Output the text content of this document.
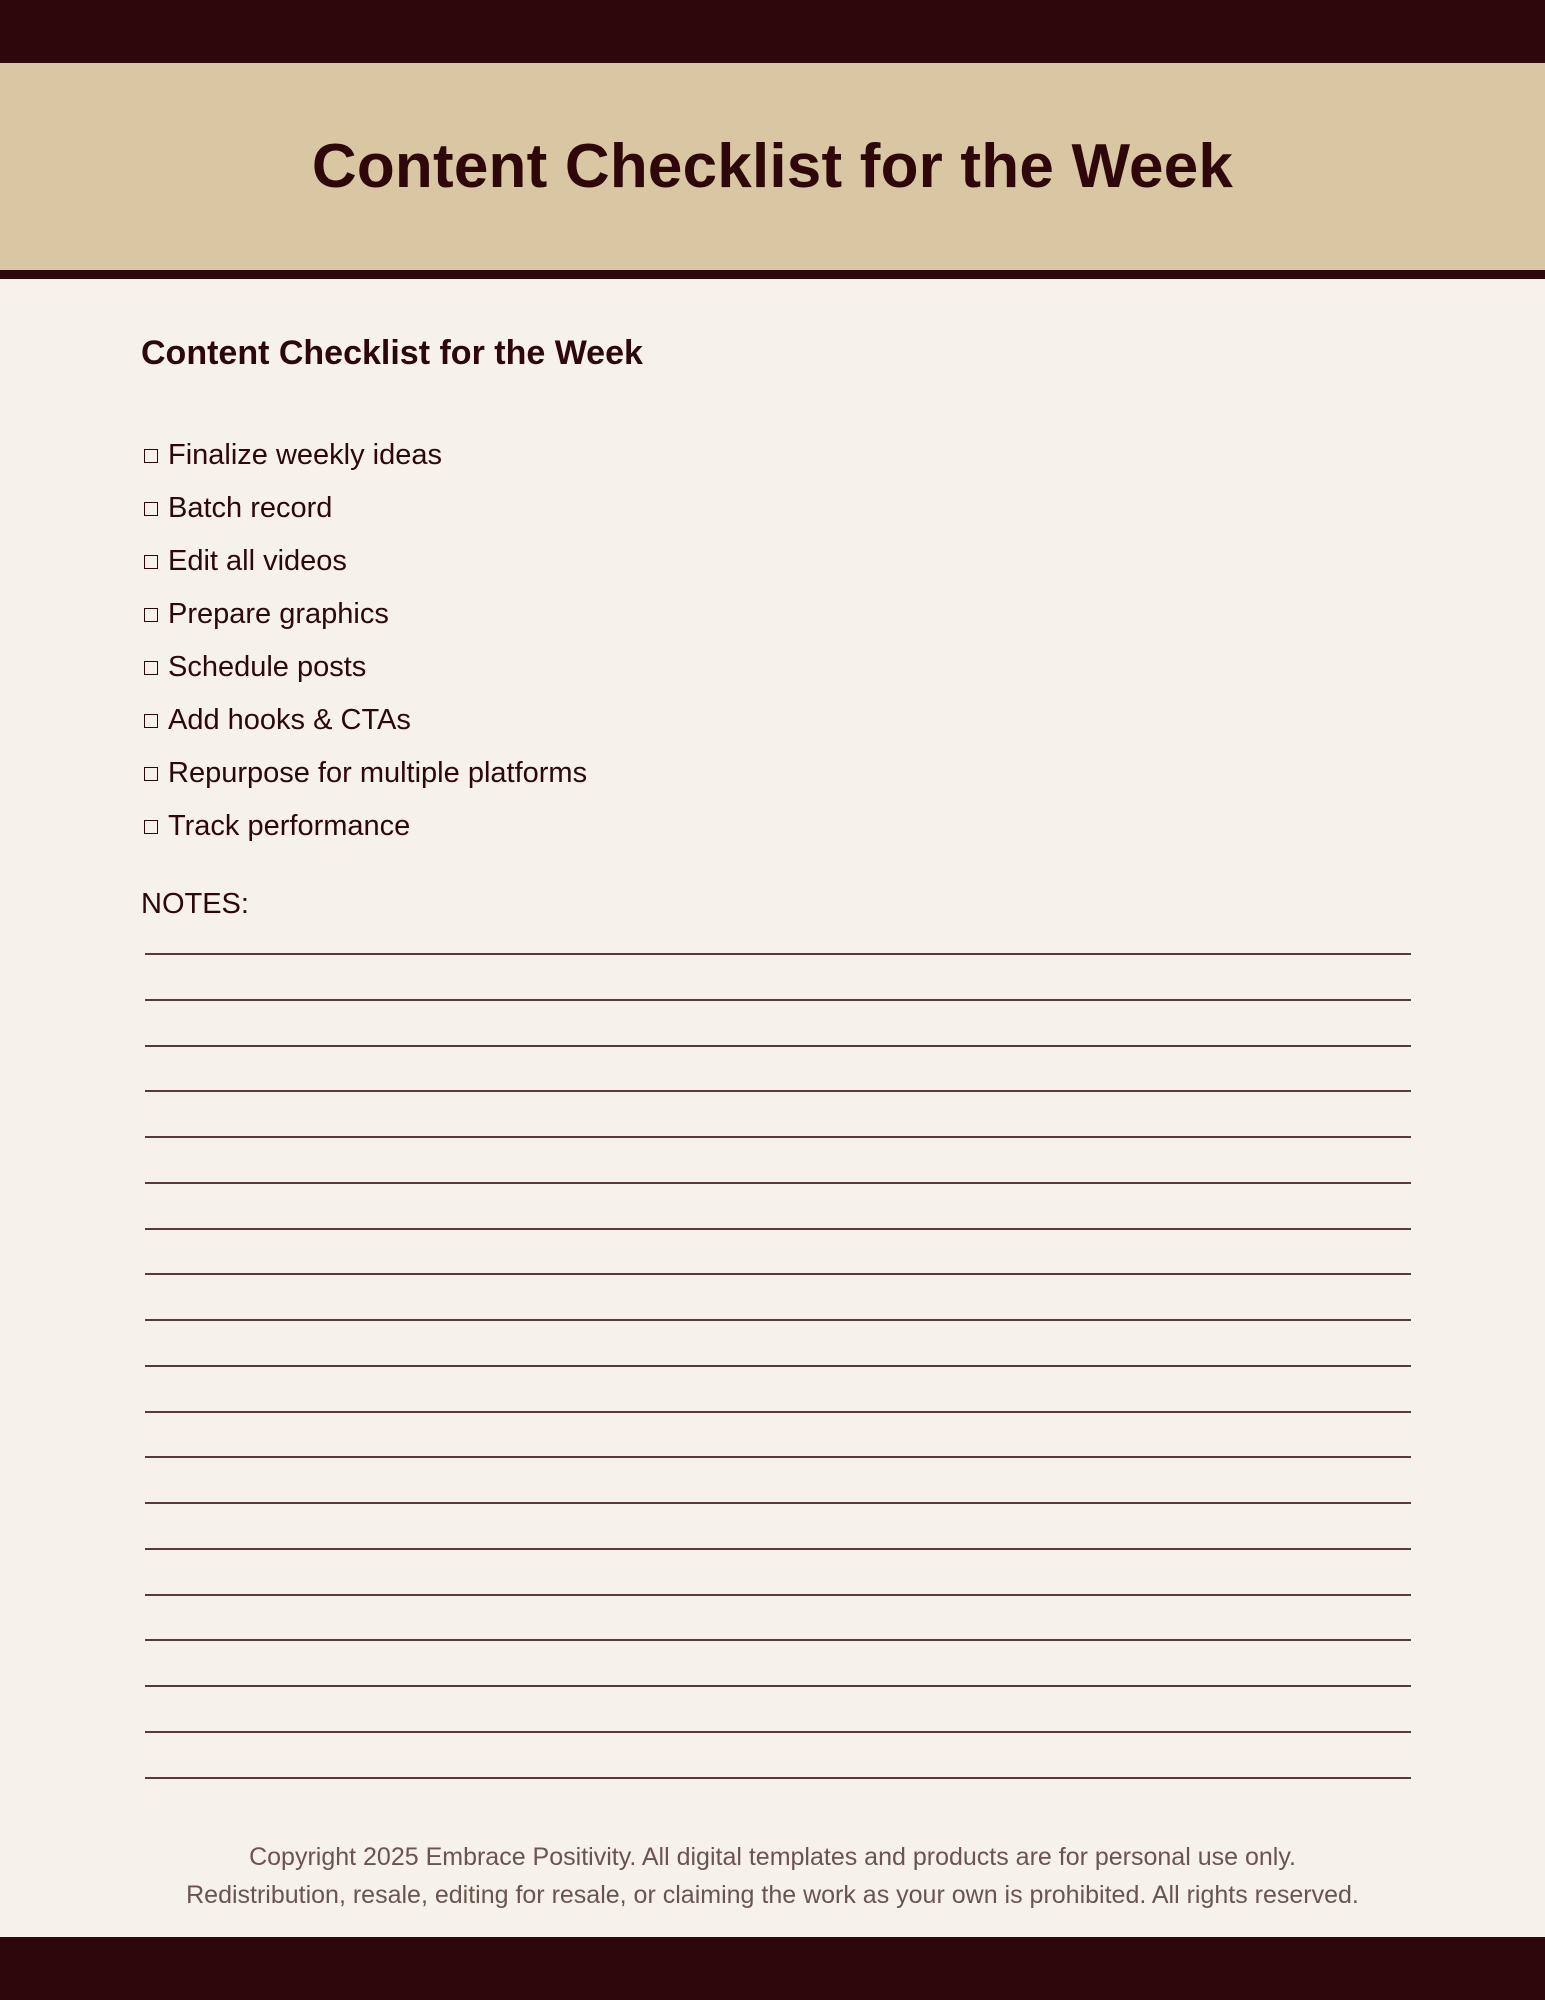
Content Checklist for the Week
Content Checklist for the Week
Finalize weekly ideas
Batch record
Edit all videos
Prepare graphics
Schedule posts
Add hooks & CTAs
Repurpose for multiple platforms
Track performance

NOTES:

Copyright 2025 Embrace Positivity. All digital templates and products are for personal use only.

Redistribution, resale, editing for resale, or claiming the work as your own is prohibited. All rights reserved.
